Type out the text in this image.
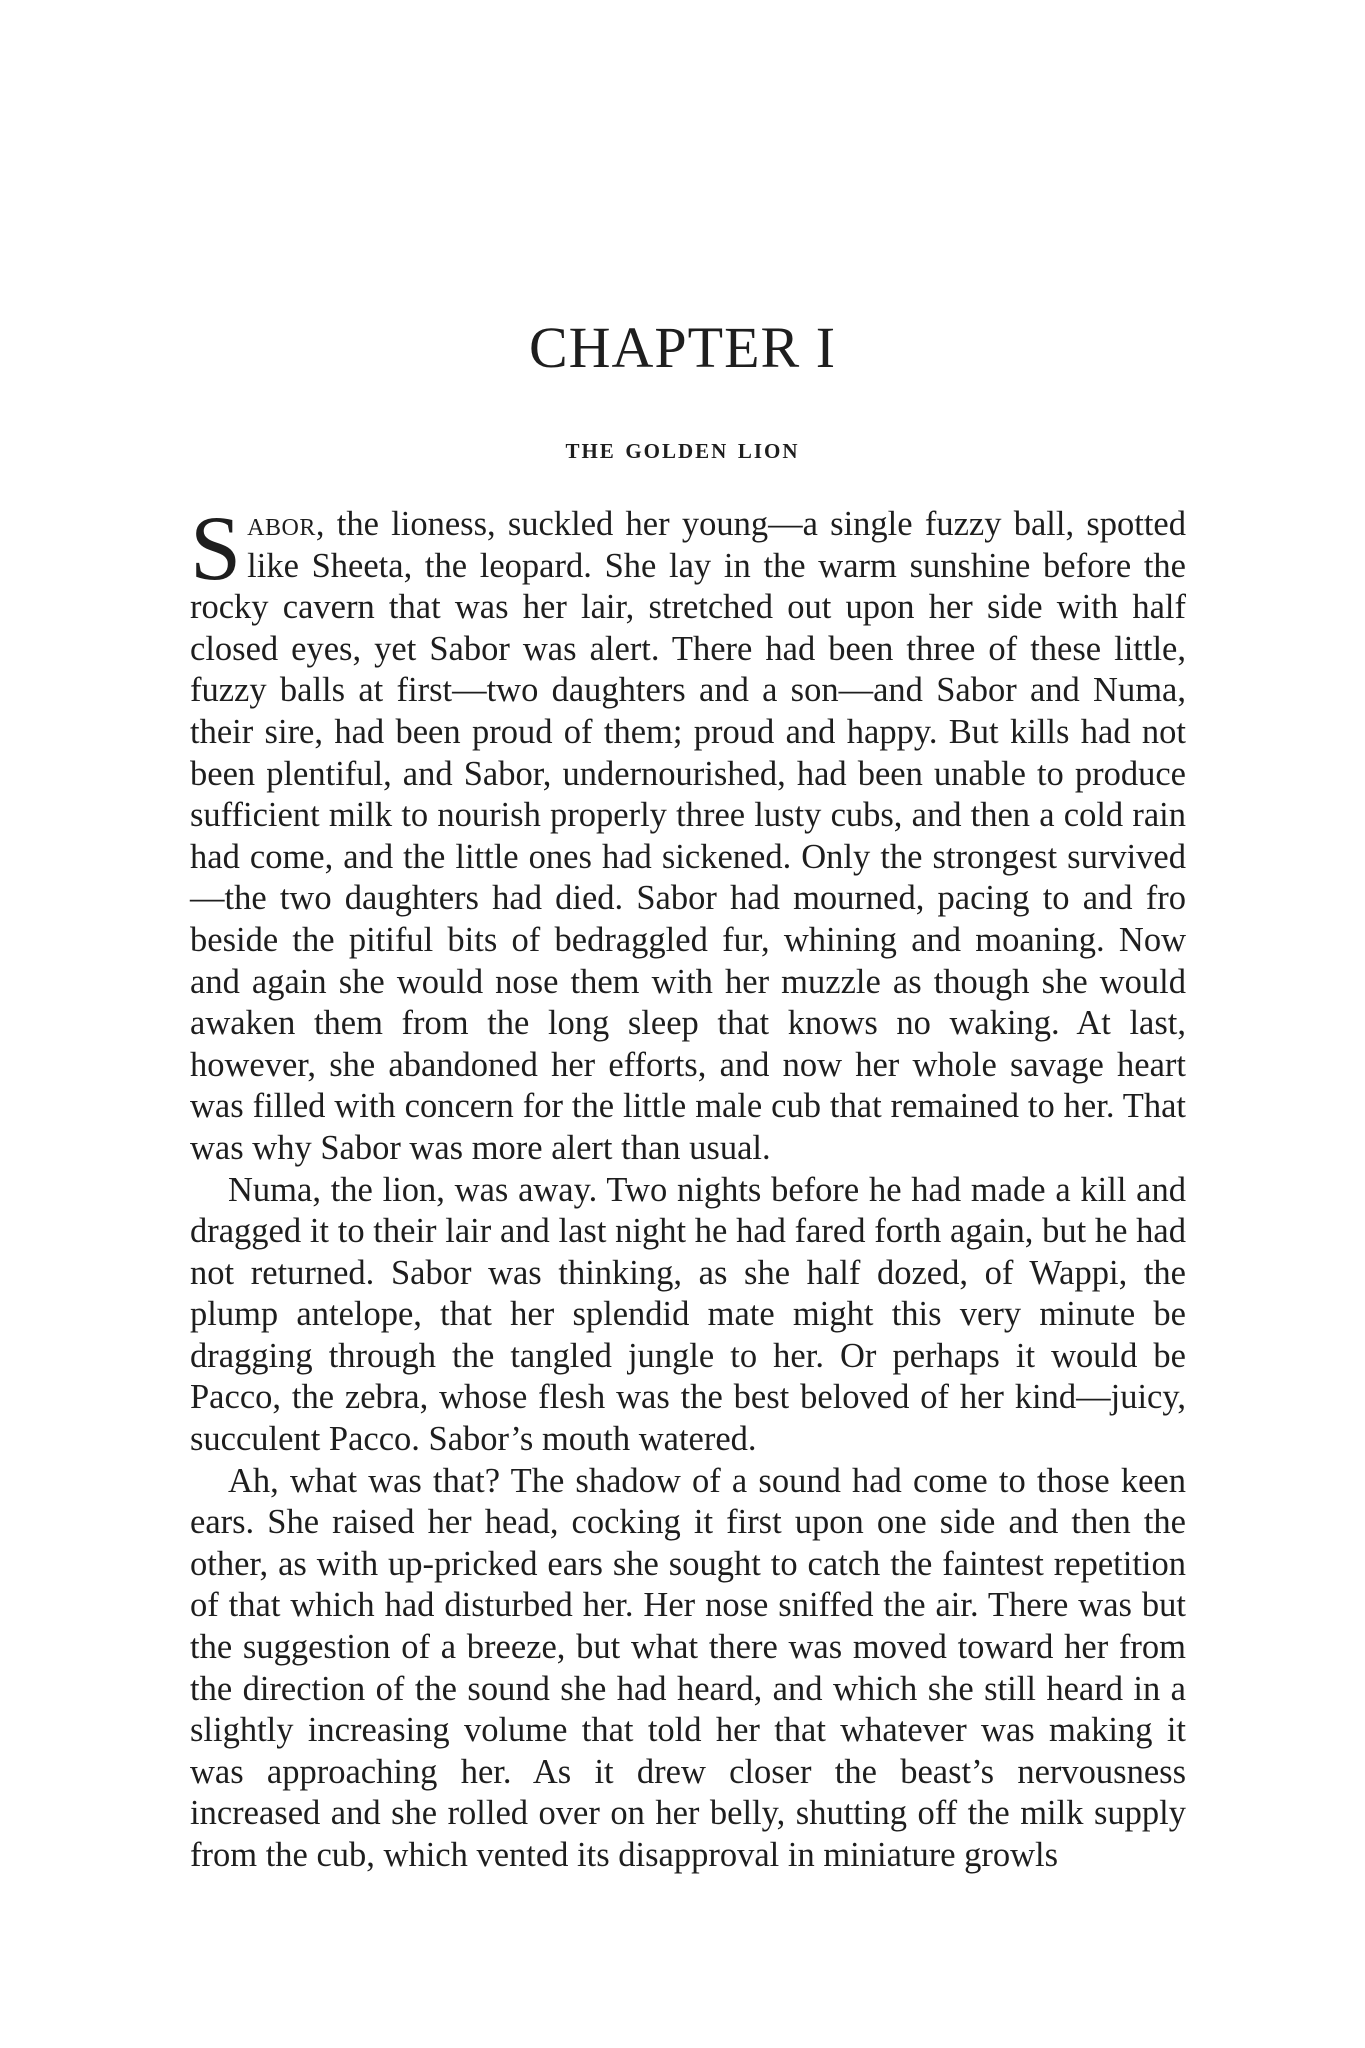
CHAPTER I
the golden lion

Sabor, the lioness, suckled her young—a single fuzzy ball, spotted like Sheeta, the leopard. She lay in the warm sunshine before the rocky cavern that was her lair, stretched out upon her side with half closed eyes, yet Sabor was alert. There had been three of these little, fuzzy balls at first—two daughters and a son—and Sabor and Numa, their sire, had been proud of them; proud and happy. But kills had not been plentiful, and Sabor, undernourished, had been unable to produce sufficient milk to nourish properly three lusty cubs, and then a cold rain had come, and the little ones had sickened. Only the strongest survived—the two daughters had died. Sabor had mourned, pacing to and fro beside the pitiful bits of bedraggled fur, whining and moaning. Now and again she would nose them with her muzzle as though she would awaken them from the long sleep that knows no waking. At last, however, she abandoned her efforts, and now her whole savage heart was filled with concern for the little male cub that remained to her. That was why Sabor was more alert than usual.

Numa, the lion, was away. Two nights before he had made a kill and dragged it to their lair and last night he had fared forth again, but he had not returned. Sabor was thinking, as she half dozed, of Wappi, the plump antelope, that her splendid mate might this very minute be dragging through the tangled jungle to her. Or perhaps it would be Pacco, the zebra, whose flesh was the best beloved of her kind—juicy, succulent Pacco. Sabor’s mouth watered.

Ah, what was that? The shadow of a sound had come to those keen ears. She raised her head, cocking it first upon one side and then the other, as with up-pricked ears she sought to catch the faintest repetition of that which had disturbed her. Her nose sniffed the air. There was but the suggestion of a breeze, but what there was moved toward her from the direction of the sound she had heard, and which she still heard in a slightly increasing volume that told her that whatever was making it was approaching her. As it drew closer the beast’s nervousness increased and she rolled over on her belly, shutting off the milk supply from the cub, which vented its disapproval in miniature growls
